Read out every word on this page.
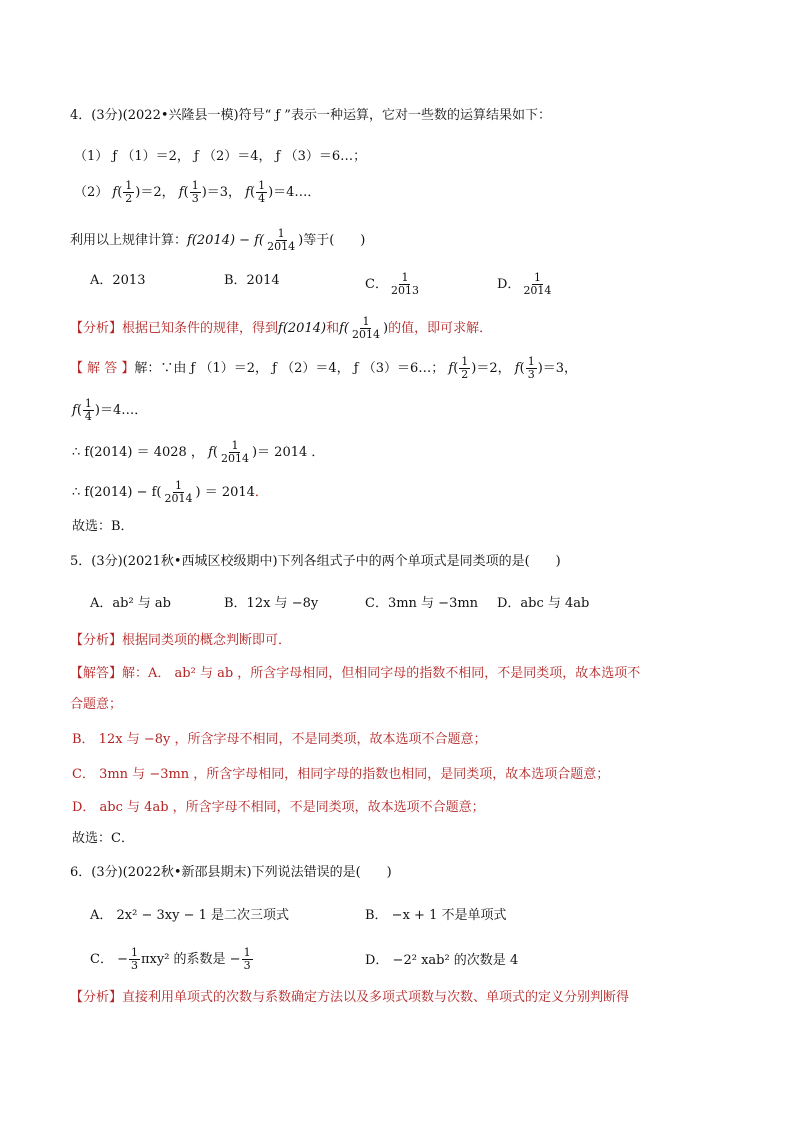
4．(3分)(2022•兴隆县一模)符号“ ƒ ”表示一种运算，它对一些数的运算结果如下：
（1） ƒ （1）＝2， ƒ （2）＝4， ƒ （3）＝6…；
（2） $f( \frac{1}{2} )=2$， $f( \frac{1}{3} )=3$， $f( \frac{1}{4}$ )＝4…．
利用以上规律计算：$f(2014) - f( \frac{1}{2014}$ )等于(　　)
A．2013	B．2014	C． $\frac{1}{2013}$	D． $\frac{1}{2014}$
【分析】根据已知条件的规律，得到f(2014)和$f( \frac{1}{2014}$ )的值，即可求解．
【 解 答 】解：∵由 ƒ （1）＝2， ƒ （2）＝4， ƒ （3）＝6…； $f( \frac{1}{2} )=2$， $f( \frac{1}{3} )=3$，
$f( \frac{1}{4}$ )＝4…．
∴ f(2014) ＝ 4028 ， $f( \frac{1}{2014}$ )＝ 2014 ．
∴ $f(2014) - f( \frac{1}{2014}$ ) ＝ 2014．
故选：B．
5．(3分)(2021秋•西城区校级期中)下列各组式子中的两个单项式是同类项的是(　　)
A．ab² 与 ab	B．12x 与 −8y	C．3mn 与 −3mn D．abc 与 4ab
【分析】根据同类项的概念判断即可．
【解答】解：A． ab² 与 ab ，所含字母相同，但相同字母的指数不相同，不是同类项，故本选项不
合题意；
B． 12x 与 −8y ，所含字母不相同，不是同类项，故本选项不合题意；
C． 3mn 与 −3mn ，所含字母相同，相同字母的指数也相同，是同类项，故本选项合题意；
D． abc 与 4ab ，所含字母不相同，不是同类项，故本选项不合题意；
故选：C．
6．(3分)(2022秋•新邵县期末)下列说法错误的是(　　)
A． 2x² − 3xy − 1 是二次三项式	B． −x + 1 不是单项式
C． − $\frac{1}{3} \pi xy^2$ 的系数是 − $\frac{1}{3}$	D． −2² xab² 的次数是 4
【分析】直接利用单项式的次数与系数确定方法以及多项式项数与次数、单项式的定义分别判断得
